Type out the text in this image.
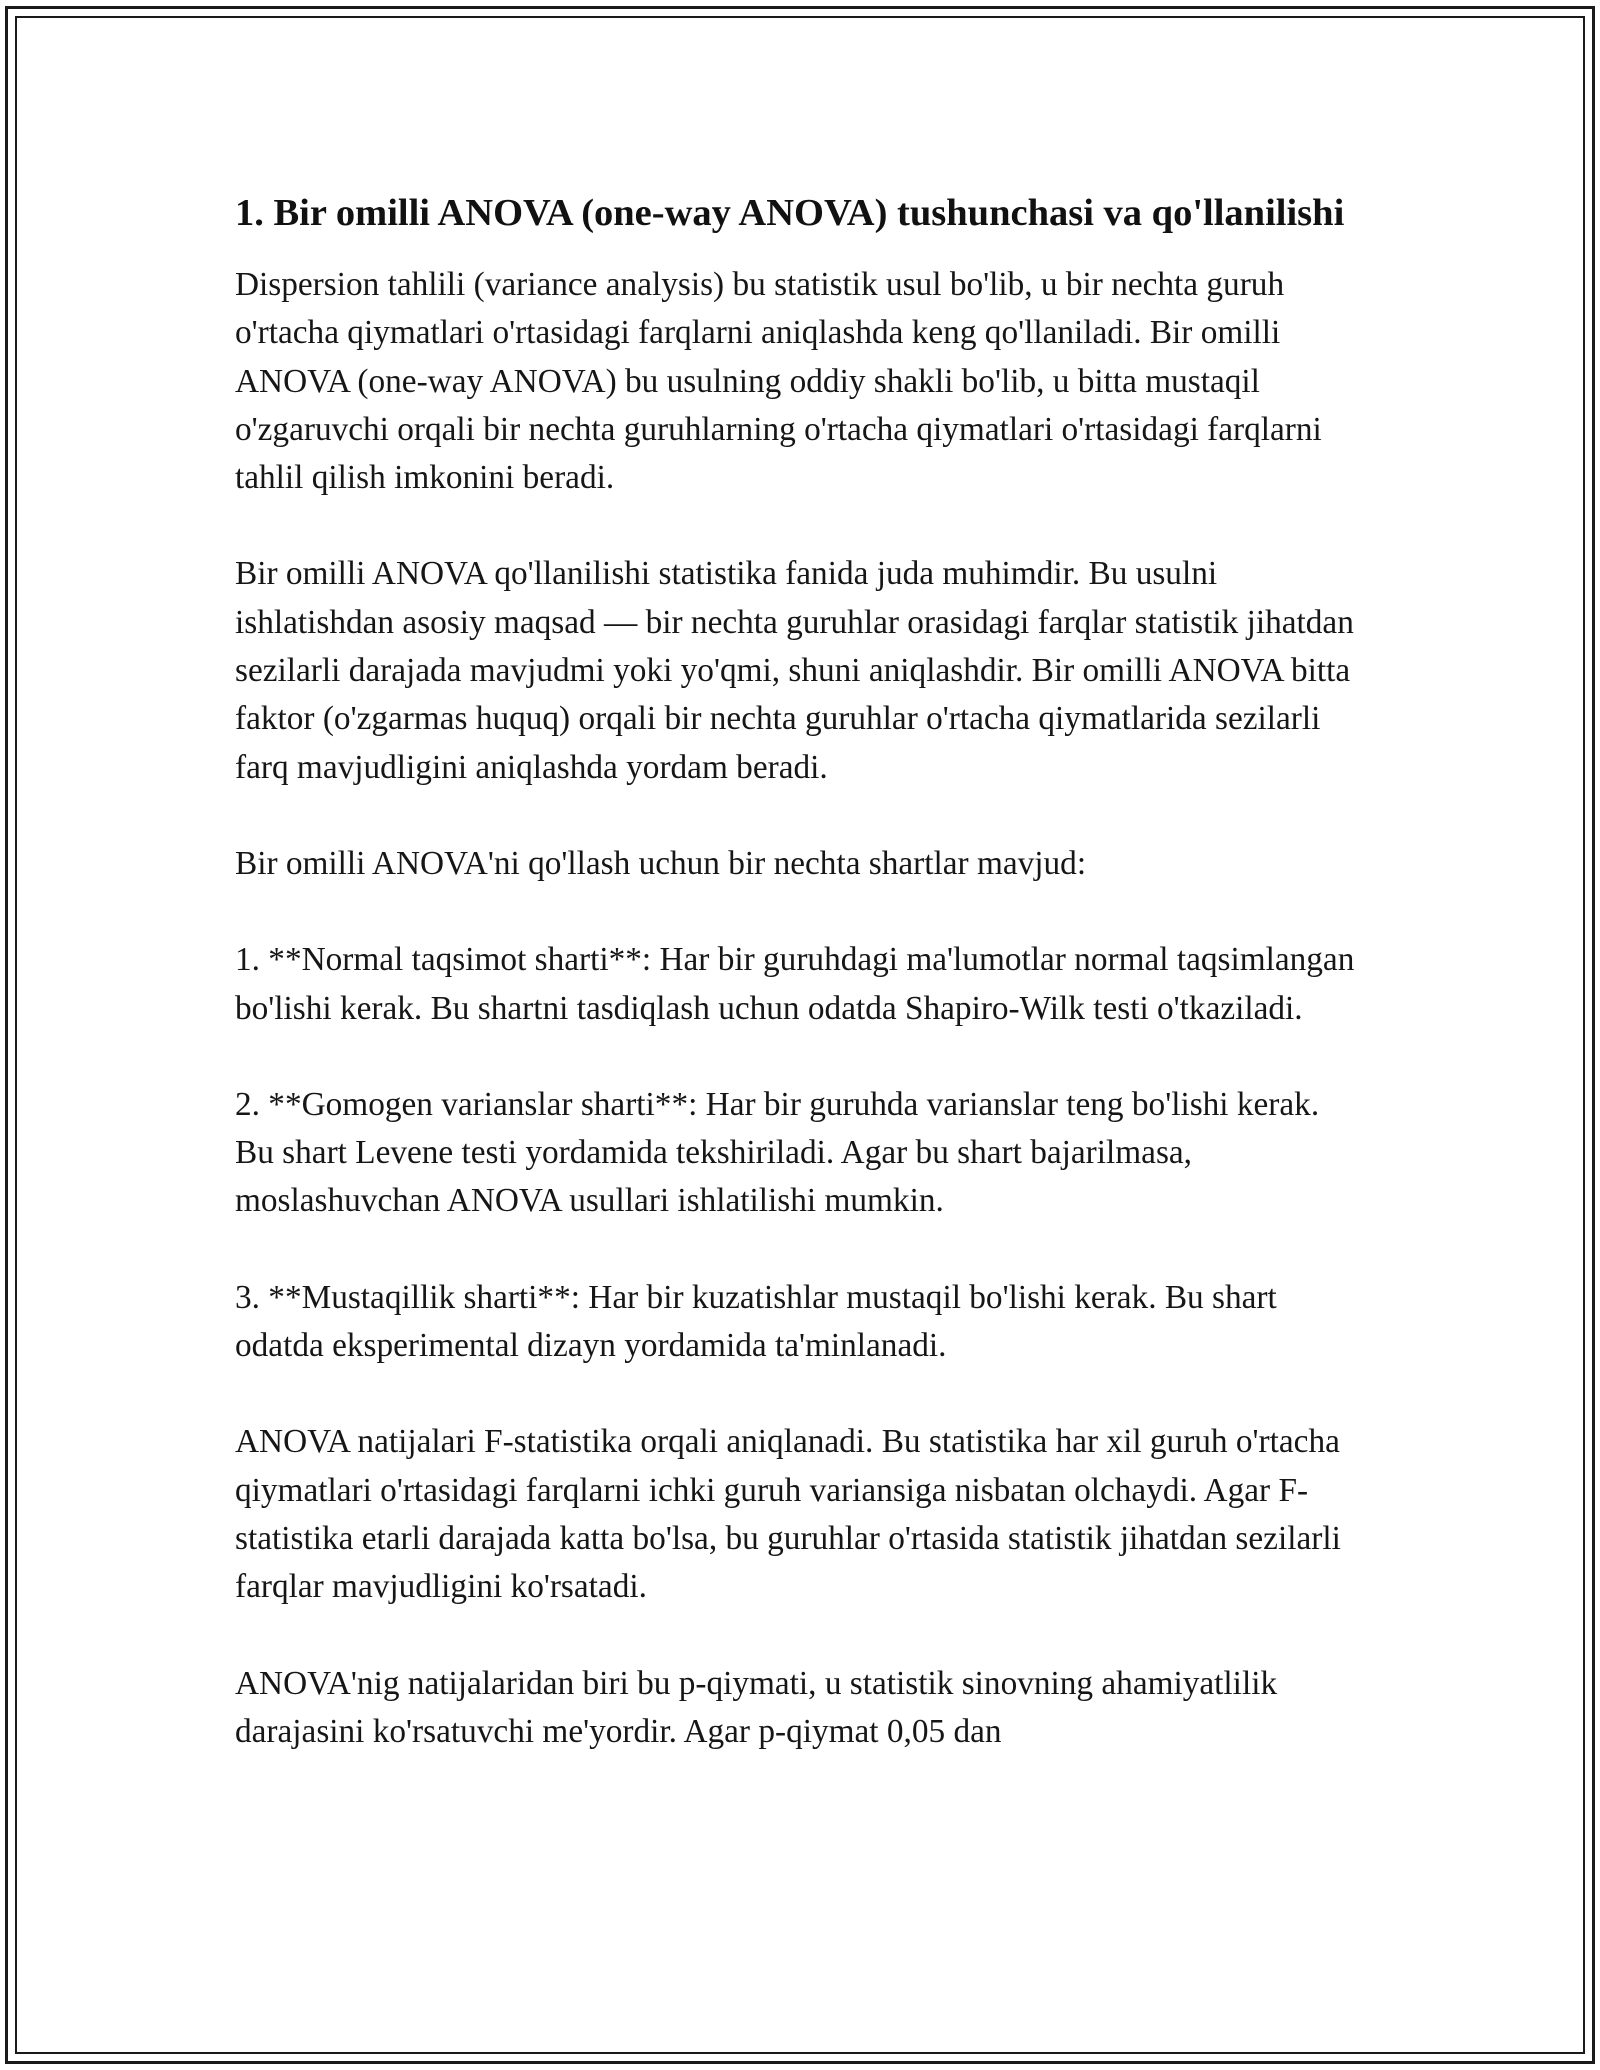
1. Bir omilli ANOVA (one-way ANOVA) tushunchasi va qo'llanilishi

Dispersion tahlili (variance analysis) bu statistik usul bo'lib, u bir nechta guruh o'rtacha qiymatlari o'rtasidagi farqlarni aniqlashda keng qo'llaniladi. Bir omilli ANOVA (one-way ANOVA) bu usulning oddiy shakli bo'lib, u bitta mustaqil o'zgaruvchi orqali bir nechta guruhlarning o'rtacha qiymatlari o'rtasidagi farqlarni tahlil qilish imkonini beradi.

Bir omilli ANOVA qo'llanilishi statistika fanida juda muhimdir. Bu usulni ishlatishdan asosiy maqsad — bir nechta guruhlar orasidagi farqlar statistik jihatdan sezilarli darajada mavjudmi yoki yo'qmi, shuni aniqlashdir. Bir omilli ANOVA bitta faktor (o'zgarmas huquq) orqali bir nechta guruhlar o'rtacha qiymatlarida sezilarli farq mavjudligini aniqlashda yordam beradi.

Bir omilli ANOVA'ni qo'llash uchun bir nechta shartlar mavjud:

1. **Normal taqsimot sharti**: Har bir guruhdagi ma'lumotlar normal taqsimlangan bo'lishi kerak. Bu shartni tasdiqlash uchun odatda Shapiro-Wilk testi o'tkaziladi.

2. **Gomogen varianslar sharti**: Har bir guruhda varianslar teng bo'lishi kerak. Bu shart Levene testi yordamida tekshiriladi. Agar bu shart bajarilmasa, moslashuvchan ANOVA usullari ishlatilishi mumkin.

3. **Mustaqillik sharti**: Har bir kuzatishlar mustaqil bo'lishi kerak. Bu shart odatda eksperimental dizayn yordamida ta'minlanadi.

ANOVA natijalari F-statistika orqali aniqlanadi. Bu statistika har xil guruh o'rtacha qiymatlari o'rtasidagi farqlarni ichki guruh variansiga nisbatan olchaydi. Agar F-statistika etarli darajada katta bo'lsa, bu guruhlar o'rtasida statistik jihatdan sezilarli farqlar mavjudligini ko'rsatadi.

ANOVA'nig natijalaridan biri bu p-qiymati, u statistik sinovning ahamiyatlilik darajasini ko'rsatuvchi me'yordir. Agar p-qiymat 0,05 dan
